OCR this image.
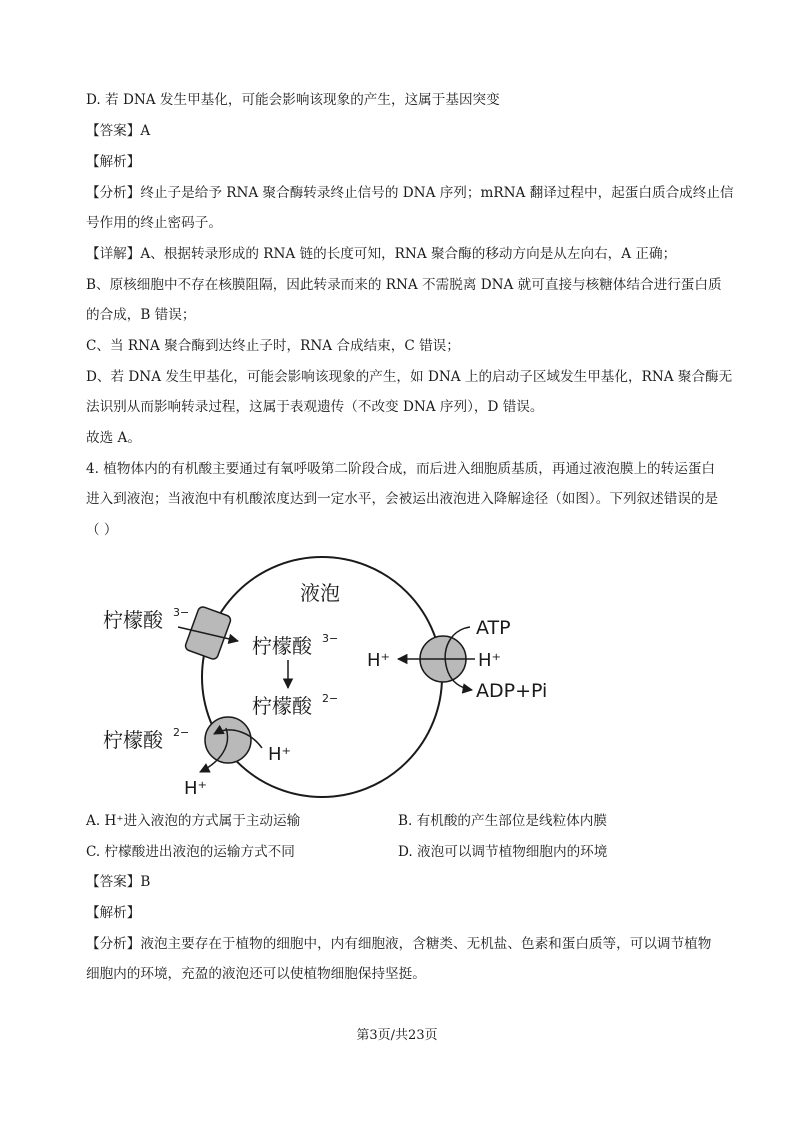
D. 若 DNA 发生甲基化，可能会影响该现象的产生，这属于基因突变
【答案】A
【解析】
【分析】终止子是给予 RNA 聚合酶转录终止信号的 DNA 序列；mRNA 翻译过程中，起蛋白质合成终止信
号作用的终止密码子。
【详解】A、根据转录形成的 RNA 链的长度可知，RNA 聚合酶的移动方向是从左向右，A 正确；
B、原核细胞中不存在核膜阻隔，因此转录而来的 RNA 不需脱离 DNA 就可直接与核糖体结合进行蛋白质
的合成，B 错误；
C、当 RNA 聚合酶到达终止子时，RNA 合成结束，C 错误；
D、若 DNA 发生甲基化，可能会影响该现象的产生，如 DNA 上的启动子区域发生甲基化，RNA 聚合酶无
法识别从而影响转录过程，这属于表观遗传（不改变 DNA 序列），D 错误。
故选 A。
4. 植物体内的有机酸主要通过有氧呼吸第二阶段合成，而后进入细胞质基质，再通过液泡膜上的转运蛋白
进入到液泡；当液泡中有机酸浓度达到一定水平，会被运出液泡进入降解途径（如图）。下列叙述错误的是
（ ）
液泡
柠檬酸 3−
柠檬酸 3−
柠檬酸 2−
柠檬酸 2−
H⁺
H⁺
H⁺	H⁺
ATP
ADP+Pi
A. H⁺进入液泡的方式属于主动运输	B. 有机酸的产生部位是线粒体内膜
C. 柠檬酸进出液泡的运输方式不同	D. 液泡可以调节植物细胞内的环境
【答案】B
【解析】
【分析】液泡主要存在于植物的细胞中，内有细胞液，含糖类、无机盐、色素和蛋白质等，可以调节植物
细胞内的环境，充盈的液泡还可以使植物细胞保持坚挺。
第3页/共23页
